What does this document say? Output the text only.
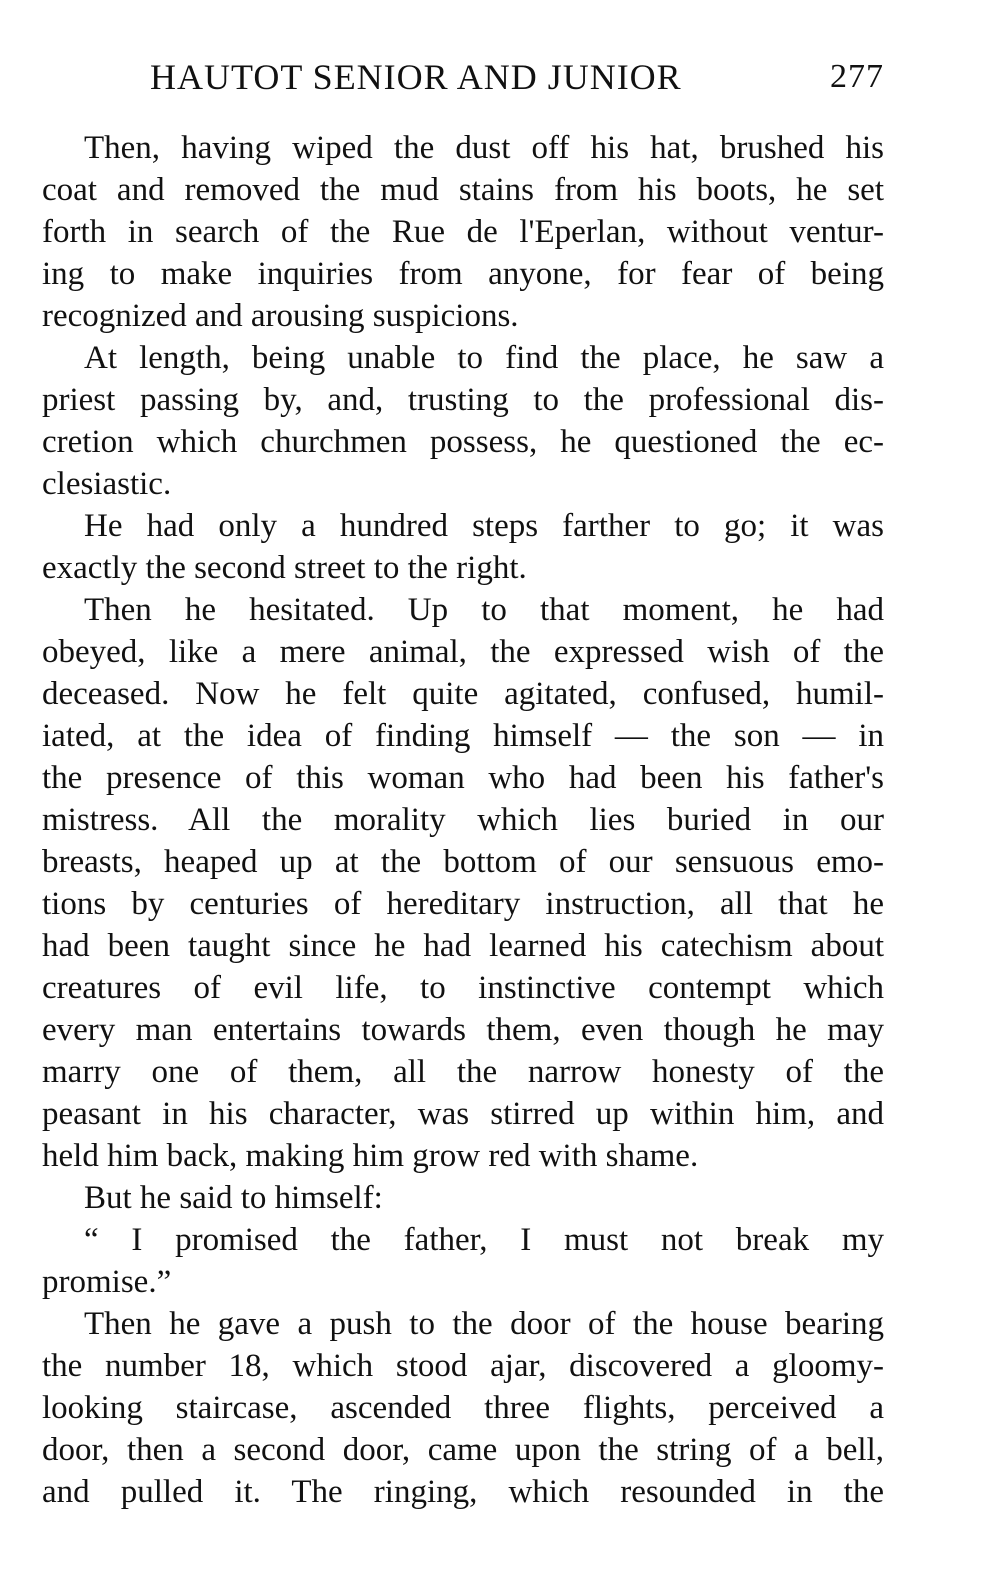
HAUTOT SENIOR AND JUNIOR	277
Then, having wiped the dust off his hat, brushed his
coat and removed the mud stains from his boots, he set
forth in search of the Rue de l'Eperlan, without ventur-
ing to make inquiries from anyone, for fear of being
recognized and arousing suspicions.
At length, being unable to find the place, he saw a
priest passing by, and, trusting to the professional dis-
cretion which churchmen possess, he questioned the ec-
clesiastic.
He had only a hundred steps farther to go; it was
exactly the second street to the right.
Then he hesitated. Up to that moment, he had
obeyed, like a mere animal, the expressed wish of the
deceased. Now he felt quite agitated, confused, humil-
iated, at the idea of finding himself — the son — in
the presence of this woman who had been his father's
mistress. All the morality which lies buried in our
breasts, heaped up at the bottom of our sensuous emo-
tions by centuries of hereditary instruction, all that he
had been taught since he had learned his catechism about
creatures of evil life, to instinctive contempt which
every man entertains towards them, even though he may
marry one of them, all the narrow honesty of the
peasant in his character, was stirred up within him, and
held him back, making him grow red with shame.
But he said to himself:
“ I promised the father, I must not break my
promise.”
Then he gave a push to the door of the house bearing
the number 18, which stood ajar, discovered a gloomy-
looking staircase, ascended three flights, perceived a
door, then a second door, came upon the string of a bell,
and pulled it. The ringing, which resounded in the
